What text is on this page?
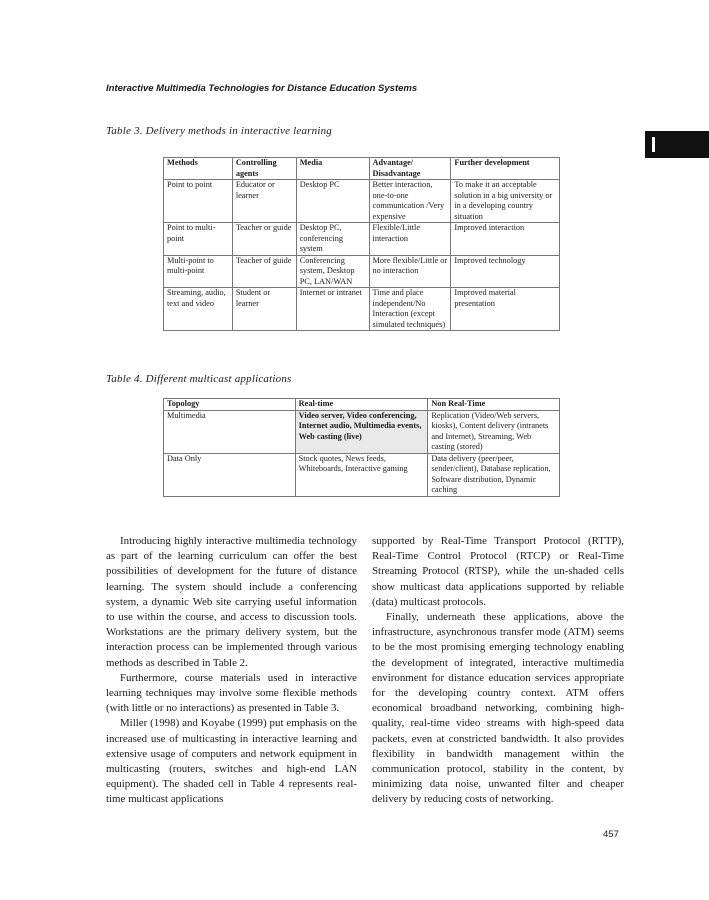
Interactive Multimedia Technologies for Distance Education Systems
Table 3. Delivery methods in interactive learning
Methods	Controlling agents	Media	Advantage/ Disadvantage	Further development
Point to point	Educator or learner	Desktop PC	Better interaction, one-to-one communication /Very expensive	To make it an acceptable solution in a big university or in a developing country situation
Point to multi-point	Teacher or guide	Desktop PC, conferencing system	Flexible/Little interaction	Improved interaction
Multi-point to multi-point	Teacher of guide	Conferencing system, Desktop PC, LAN/WAN	More flexible/Little or no interaction	Improved technology
Streaming, audio, text and video	Student or learner	Internet or intranet	Time and place independent/No Interaction (except simulated techniques)	Improved material presentation
Table 4. Different multicast applications
Topology	Real-time	Non Real-Time
Multimedia	Video server, Video conferencing, Internet audio, Multimedia events, Web casting (live)	Replication (Video/Web servers, kiosks), Content delivery (intranets and Internet), Streaming, Web casting (stored)
Data Only	Stock quotes, News feeds, Whiteboards, Interactive gaming	Data delivery (peer/peer, sender/client), Database replication, Software distribution, Dynamic caching

Introducing highly interactive multimedia technology as part of the learning curriculum can offer the best possibilities of development for the future of distance learning. The system should include a conferencing system, a dynamic Web site carrying useful information to use within the course, and access to discussion tools. Workstations are the primary delivery system, but the interaction process can be implemented through various methods as described in Table 2.

Furthermore, course materials used in interactive learning techniques may involve some flexible methods (with little or no interactions) as presented in Table 3.

Miller (1998) and Koyabe (1999) put emphasis on the increased use of multicasting in interactive learning and extensive usage of computers and network equipment in multicasting (routers, switches and high-end LAN equipment). The shaded cell in Table 4 represents real-time multicast applications

supported by Real-Time Transport Protocol (RTTP), Real-Time Control Protocol (RTCP) or Real-Time Streaming Protocol (RTSP), while the un-shaded cells show multicast data applications supported by reliable (data) multicast protocols.

Finally, underneath these applications, above the infrastructure, asynchronous transfer mode (ATM) seems to be the most promising emerging technology enabling the development of integrated, interactive multimedia environment for distance education services appropriate for the developing country context. ATM offers economical broadband networking, combining high-quality, real-time video streams with high-speed data packets, even at constricted bandwidth. It also provides flexibility in bandwidth management within the communication protocol, stability in the content, by minimizing data noise, unwanted filter and cheaper delivery by reducing costs of networking.

457
